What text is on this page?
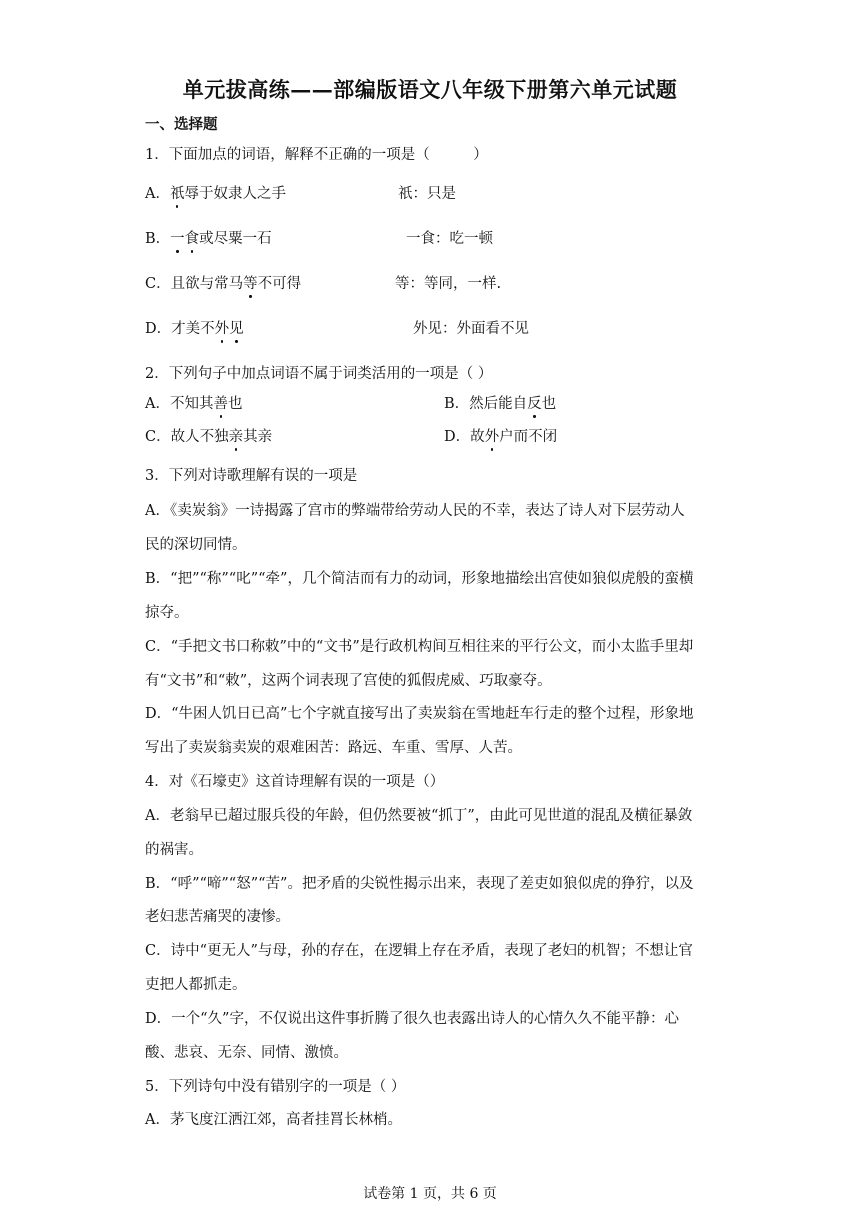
单元拔高练——部编版语文八年级下册第六单元试题
一、选择题
1．下面加点的词语，解释不正确的一项是（　　　）
A．祇辱于奴隶人之手	祇：只是
B．一食或尽粟一石	一食：吃一顿
C．且欲与常马等不可得	等：等同，一样.
D．才美不外见	外见：外面看不见
2．下列句子中加点词语不属于词类活用的一项是（ ）
A．不知其善也	B．然后能自反也
C．故人不独亲其亲	D．故外户而不闭
3．下列对诗歌理解有误的一项是
A．《卖炭翁》一诗揭露了宫市的弊端带给劳动人民的不幸，表达了诗人对下层劳动人
民的深切同情。
B．“把”“称”“叱”“牵”，几个简洁而有力的动词，形象地描绘出宫使如狼似虎般的蛮横
掠夺。
C．“手把文书口称敕”中的“文书”是行政机构间互相往来的平行公文，而小太监手里却
有“文书”和“敕”，这两个词表现了宫使的狐假虎威、巧取豪夺。
D．“牛困人饥日已高”七个字就直接写出了卖炭翁在雪地赶车行走的整个过程，形象地
写出了卖炭翁卖炭的艰难困苦：路远、车重、雪厚、人苦。
4．对《石壕吏》这首诗理解有误的一项是（）
A．老翁早已超过服兵役的年龄，但仍然要被“抓丁”，由此可见世道的混乱及横征暴敛
的祸害。
B．“呼”“啼”“怒”“苦”。把矛盾的尖锐性揭示出来，表现了差吏如狼似虎的狰狞，以及
老妇悲苦痛哭的凄惨。
C．诗中“更无人”与母，孙的存在，在逻辑上存在矛盾，表现了老妇的机智；不想让官
吏把人都抓走。
D．一个“久”字，不仅说出这件事折腾了很久也表露出诗人的心情久久不能平静：心
酸、悲哀、无奈、同情、激愤。
5．下列诗句中没有错别字的一项是（ ）
A．茅飞度江洒江郊，高者挂罥长林梢。
试卷第 1 页，共 6 页
